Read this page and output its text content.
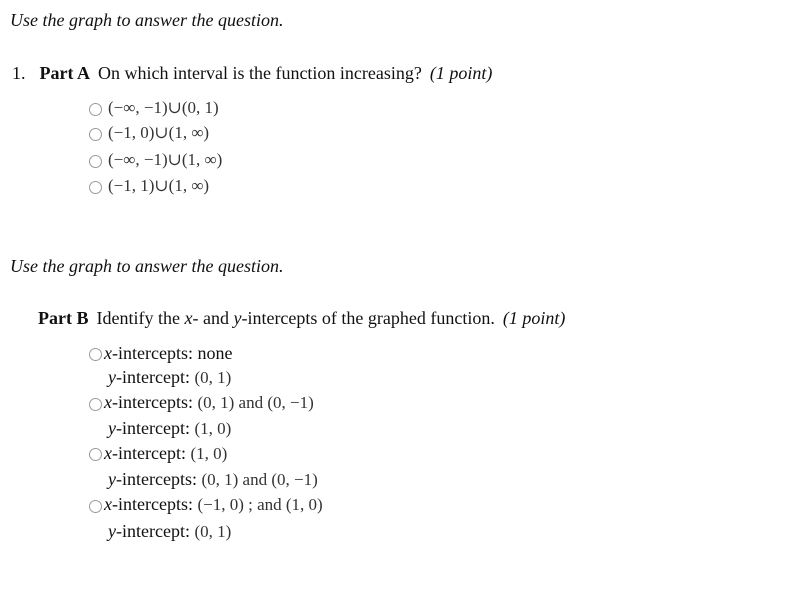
Use the graph to answer the question.
1. Part A On which interval is the function increasing? (1 point)
(−∞, −1)∪(0, 1)
(−1, 0)∪(1, ∞)
(−∞, −1)∪(1, ∞)
(−1, 1)∪(1, ∞)
Use the graph to answer the question.
Part B Identify the x- and y-intercepts of the graphed function. (1 point)
x-intercepts: none
y-intercept: (0, 1)
x-intercepts: (0, 1) and (0, −1)
y-intercept: (1, 0)
x-intercept: (1, 0)
y-intercepts: (0, 1) and (0, −1)
x-intercepts: (−1, 0) ; and (1, 0)
y-intercept: (0, 1)
